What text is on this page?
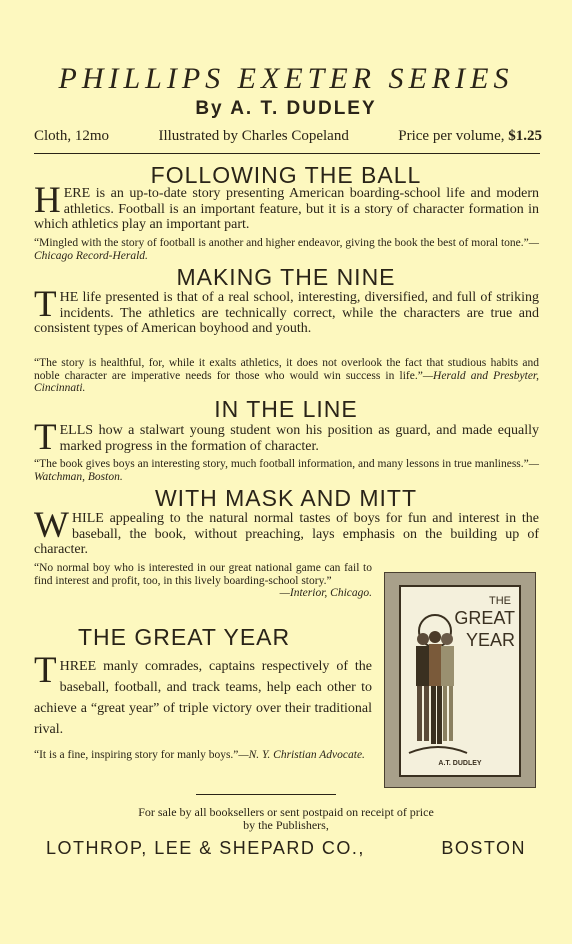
PHILLIPS EXETER SERIES
By A. T. DUDLEY
Cloth, 12mo	Illustrated by Charles Copeland	Price per volume, $1.25
FOLLOWING THE BALL
HERE is an up-to-date story presenting American boarding-school life and modern athletics. Football is an important feature, but it is a story of character formation in which athletics play an important part.
“Mingled with the story of football is another and higher endeavor, giving the book the best of moral tone.”—Chicago Record-Herald.
MAKING THE NINE
THE life presented is that of a real school, interesting, diversified, and full of striking incidents. The athletics are technically correct, while the characters are true and consistent types of American boyhood and youth.
“The story is healthful, for, while it exalts athletics, it does not overlook the fact that studious habits and noble character are imperative needs for those who would win success in life.”—Herald and Presbyter, Cincinnati.
IN THE LINE
TELLS how a stalwart young student won his position as guard, and made equally marked progress in the formation of character.
“The book gives boys an interesting story, much football information, and many lessons in true manliness.”—Watchman, Boston.
WITH MASK AND MITT
WHILE appealing to the natural normal tastes of boys for fun and interest in the baseball, the book, without preaching, lays emphasis on the building up of character.
“No normal boy who is interested in our great national game can fail to find interest and profit, too, in this lively boarding-school story.”

—Interior, Chicago.
THE GREAT YEAR
THREE manly comrades, captains respectively of the baseball, football, and track teams, help each other to achieve a “great year” of triple victory over their traditional rival.
“It is a fine, inspiring story for manly boys.”—N. Y. Christian Advocate.
THE
GREAT
YEAR
A.T. DUDLEY
For sale by all booksellers or sent postpaid on receipt of price
by the Publishers,
LOTHROP, LEE & SHEPARD CO.,	BOSTON
